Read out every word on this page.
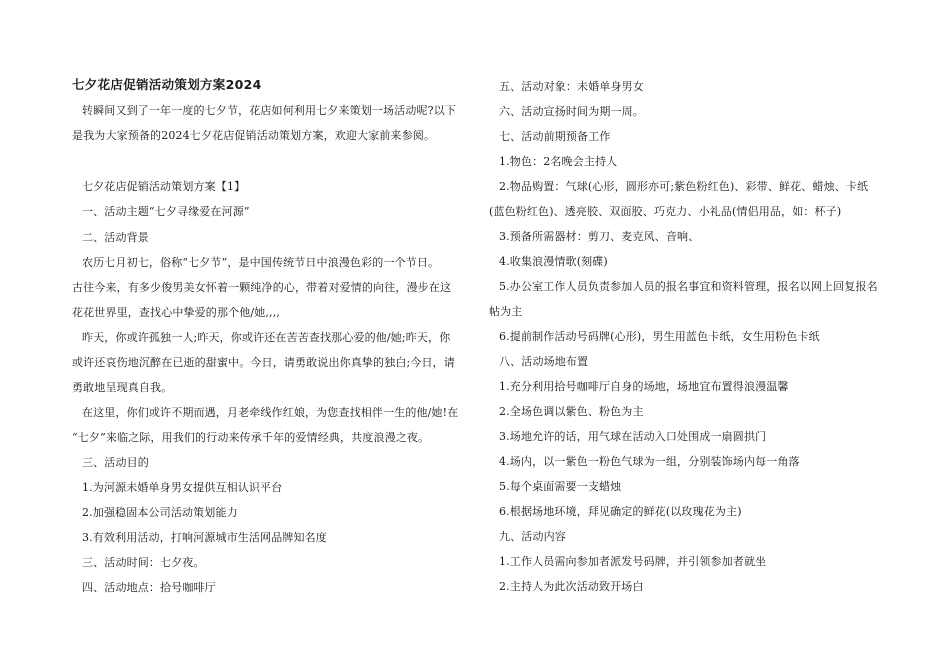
七夕花店促销活动策划方案2024
转瞬间又到了一年一度的七夕节，花店如何利用七夕来策划一场活动呢?以下
是我为大家预备的2024七夕花店促销活动策划方案，欢迎大家前来参阅。
七夕花店促销活动策划方案【1】
一、活动主题“七夕寻缘爱在河源”
二、活动背景
农历七月初七，俗称“七夕节”，是中国传统节日中浪漫色彩的一个节日。
古往今来，有多少俊男美女怀着一颗纯净的心，带着对爱情的向往，漫步在这
花花世界里，查找心中挚爱的那个他/她,,,,
昨天，你或许孤独一人;昨天，你或许还在苦苦查找那心爱的他/她;昨天，你
或许还哀伤地沉醉在已逝的甜蜜中。今日，请勇敢说出你真挚的独白;今日，请
勇敢地呈现真自我。
在这里，你们或许不期而遇，月老牵线作红娘，为您查找相伴一生的他/她!在
“七夕”来临之际，用我们的行动来传承千年的爱情经典，共度浪漫之夜。
三、活动目的
1.为河源未婚单身男女提供互相认识平台
2.加强稳固本公司活动策划能力
3.有效利用活动，打响河源城市生活网品牌知名度
三、活动时间：七夕夜。
四、活动地点：拾号咖啡厅
五、活动对象：未婚单身男女
六、活动宣扬时间为期一周。
七、活动前期预备工作
1.物色：2名晚会主持人
2.物品购置：气球(心形，圆形亦可;紫色粉红色)、彩带、鲜花、蜡烛、卡纸
(蓝色粉红色)、透亮胶、双面胶、巧克力、小礼品(情侣用品，如：杯子)
3.预备所需器材：剪刀、麦克风、音响、
4.收集浪漫情歌(刻碟)
5.办公室工作人员负责参加人员的报名事宜和资料管理，报名以网上回复报名
帖为主
6.提前制作活动号码牌(心形)，男生用蓝色卡纸，女生用粉色卡纸
八、活动场地布置
1.充分利用拾号咖啡厅自身的场地，场地宜布置得浪漫温馨
2.全场色调以紫色、粉色为主
3.场地允许的话，用气球在活动入口处围成一扇圆拱门
4.场内，以一紫色一粉色气球为一组，分别装饰场内每一角落
5.每个桌面需要一支蜡烛
6.根据场地环境，拜见确定的鲜花(以玫瑰花为主)
九、活动内容
1.工作人员需向参加者派发号码牌，并引领参加者就坐
2.主持人为此次活动致开场白
